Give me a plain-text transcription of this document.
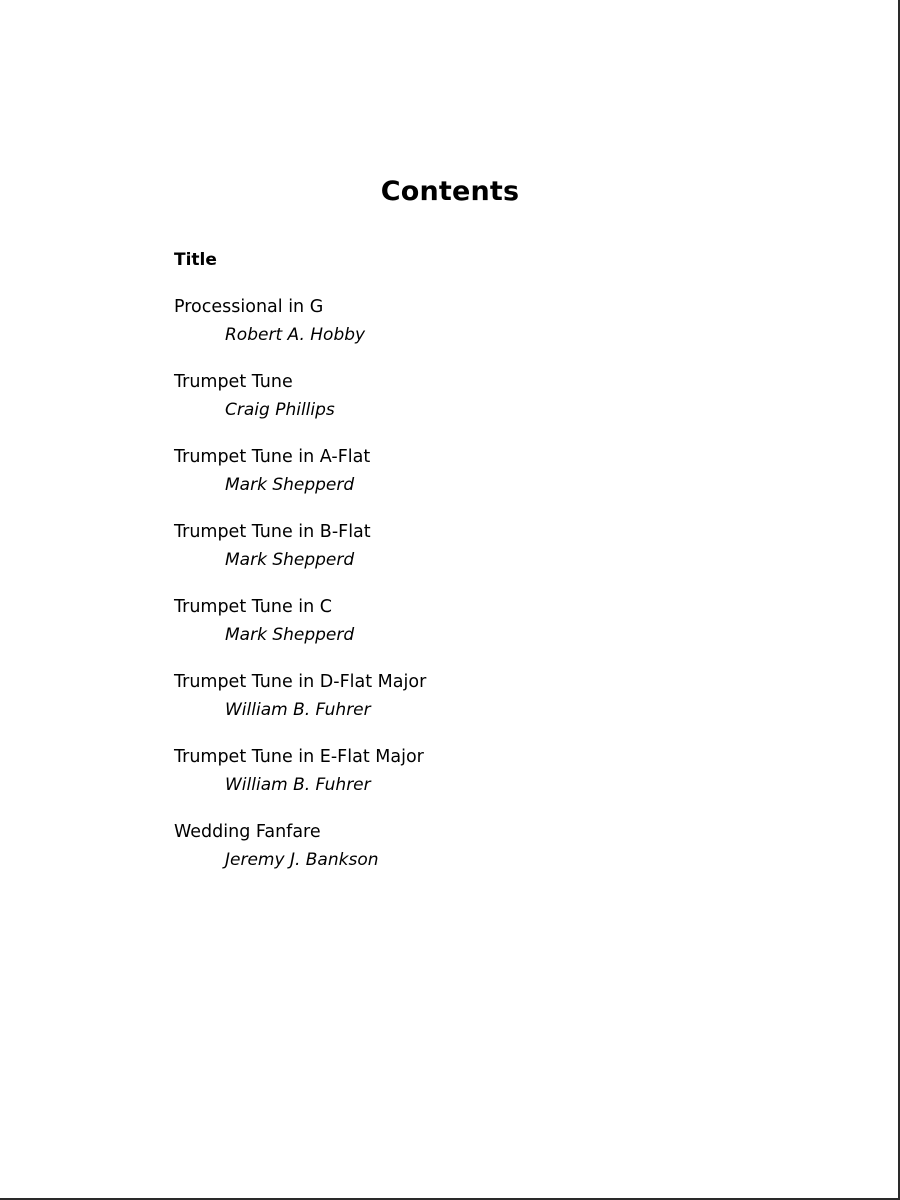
Contents
Title
Processional in G
Robert A. Hobby
Trumpet Tune
Craig Phillips
Trumpet Tune in A-Flat
Mark Shepperd
Trumpet Tune in B-Flat
Mark Shepperd
Trumpet Tune in C
Mark Shepperd
Trumpet Tune in D-Flat Major
William B. Fuhrer
Trumpet Tune in E-Flat Major
William B. Fuhrer
Wedding Fanfare
Jeremy J. Bankson
